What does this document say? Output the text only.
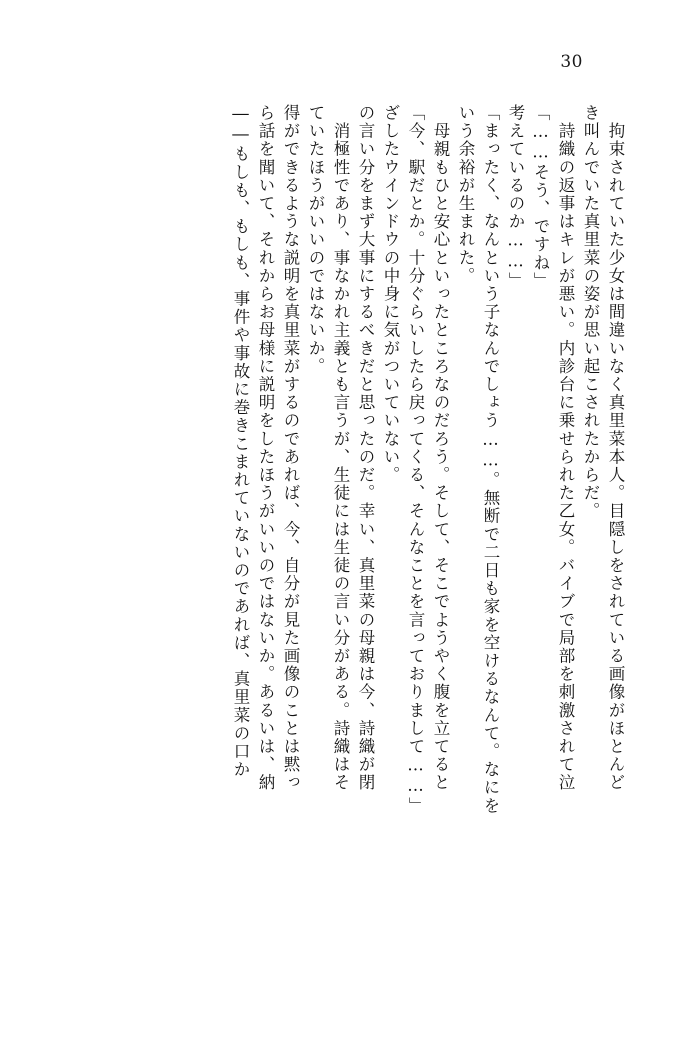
30
――もしも、もしも、事件や事故に巻きこまれていないのであれば、真里菜の口か ら話を聞いて、それからお母様に説明をしたほうがいいのではないか。あるいは、納 得ができるような説明を真里菜がするのであれば、今、自分が見た画像のことは黙っ ていたほうがいいのではないか。 　消極性であり、事なかれ主義とも言うが、生徒には生徒の言い分がある。詩織はそ の言い分をまず大事にするべきだと思ったのだ。幸い、真里菜の母親は今、詩織が閉 ざしたウインドウの中身に気がついていない。 「今、駅だとか。十分ぐらいしたら戻ってくる、そんなことを言っておりまして……」 　母親もひと安心といったところなのだろう。そして、そこでようやく腹を立てると いう余裕が生まれた。 「まったく、なんという子なんでしょう……。無断で二日も家を空けるなんて。なにを 考えているのか……」 「……そう、ですね」 　詩織の返事はキレが悪い。内診台に乗せられた乙女。バイブで局部を刺激されて泣 き叫んでいた真里菜の姿が思い起こされたからだ。 　拘束されていた少女は間違いなく真里菜本人。目隠しをされている画像がほとんど
